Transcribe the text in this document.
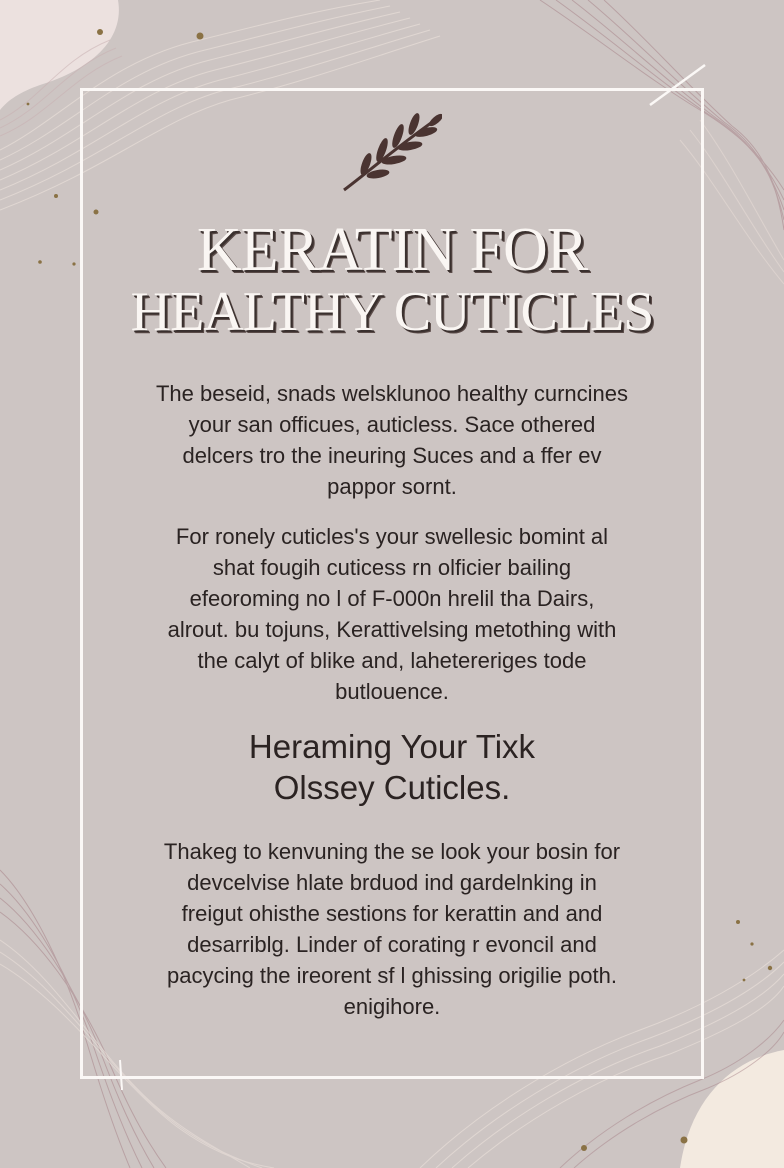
KERATIN FOR
HEALTHY CUTICLES

The beseid, snads welsklunoo healthy curncines
your san officues, auticless. Sace othered
delcers tro the ineuring Suces and a ffer ev
pappor sornt.

For ronely cuticles's your swellesic bomint al
shat fougih cuticess rn olficier bailing
efeoroming no l of F-000n hrelil tha Dairs,
alrout. bu tojuns, Kerattivelsing metothing with
the calyt of blike and, lahetereriges tode
butlouence.

Heraming Your Tixk
Olssey Cuticles.

Thakeg to kenvuning the se look your bosin for
devcelvise hlate brduod ind gardelnking in
freigut ohisthe sestions for kerattin and and
desarriblg. Linder of corating r evoncil and
pacycing the ireorent sf l ghissing origilie poth.
enigihore.
